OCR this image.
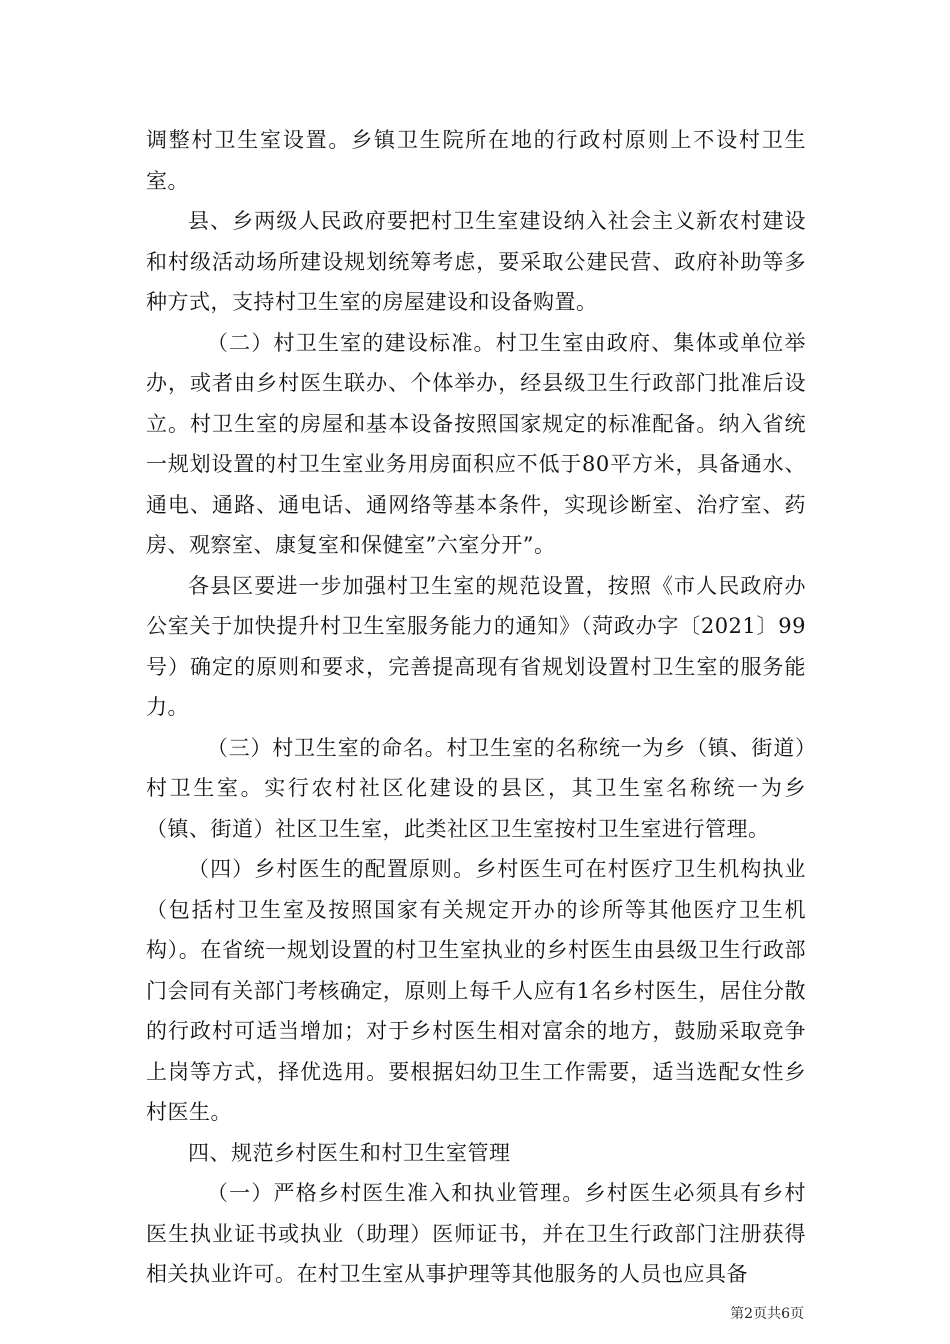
调整村卫生室设置。乡镇卫生院所在地的行政村原则上不设村卫生室。

县、乡两级人民政府要把村卫生室建设纳入社会主义新农村建设和村级活动场所建设规划统筹考虑，要采取公建民营、政府补助等多种方式，支持村卫生室的房屋建设和设备购置。

（二）村卫生室的建设标准。村卫生室由政府、集体或单位举办，或者由乡村医生联办、个体举办，经县级卫生行政部门批准后设立。村卫生室的房屋和基本设备按照国家规定的标准配备。纳入省统一规划设置的村卫生室业务用房面积应不低于80平方米，具备通水、通电、通路、通电话、通网络等基本条件，实现诊断室、治疗室、药房、观察室、康复室和保健室”六室分开”。

各县区要进一步加强村卫生室的规范设置，按照《市人民政府办公室关于加快提升村卫生室服务能力的通知》（菏政办字〔2021〕99号）确定的原则和要求，完善提高现有省规划设置村卫生室的服务能力。

（三）村卫生室的命名。村卫生室的名称统一为乡（镇、街道）村卫生室。实行农村社区化建设的县区，其卫生室名称统一为乡（镇、街道）社区卫生室，此类社区卫生室按村卫生室进行管理。

（四）乡村医生的配置原则。乡村医生可在村医疗卫生机构执业（包括村卫生室及按照国家有关规定开办的诊所等其他医疗卫生机构）。在省统一规划设置的村卫生室执业的乡村医生由县级卫生行政部门会同有关部门考核确定，原则上每千人应有1名乡村医生，居住分散的行政村可适当增加；对于乡村医生相对富余的地方，鼓励采取竞争上岗等方式，择优选用。要根据妇幼卫生工作需要，适当选配女性乡村医生。

四、规范乡村医生和村卫生室管理

（一）严格乡村医生准入和执业管理。乡村医生必须具有乡村医生执业证书或执业（助理）医师证书，并在卫生行政部门注册获得相关执业许可。在村卫生室从事护理等其他服务的人员也应具备

第2页共6页
